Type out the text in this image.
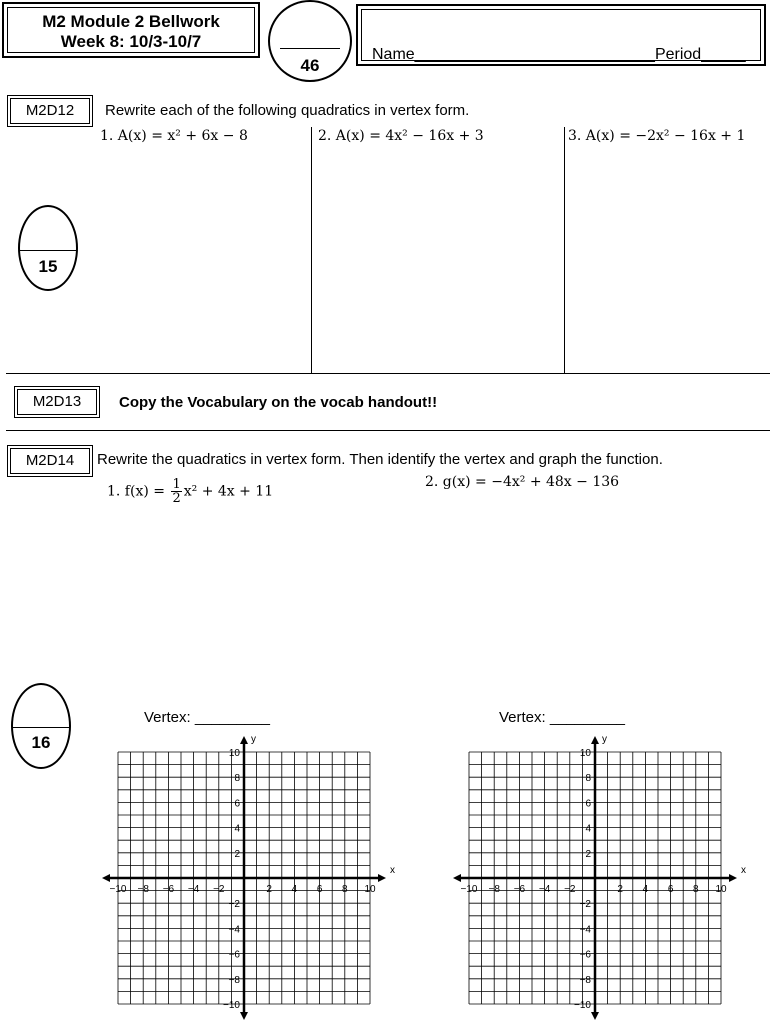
M2 Module 2 Bellwork
Week 8: 10/3-10/7
46
Name___________________________Period_____
M2D12	Rewrite each of the following quadratics in vertex form.
1. A(x) = x² + 6x − 8	2. A(x) = 4x² − 16x + 3	3. A(x) = −2x² − 16x + 1
15
M2D13	Copy the Vocabulary on the vocab handout!!
M2D14	Rewrite the quadratics in vertex form. Then identify the vertex and graph the function.
1. $f(x) = \frac{1}{2} x^2 + 4x + 11$
2. g(x) = −4x² + 48x − 136
16
Vertex: _________	Vertex: _________
x
y
−10 −8 −6 −4 −2	2 4 6 8 10
10
8
6
4
2
−2
−4
−6
−8
−10
x
y
−10 −8 −6 −4 −2	2 4 6 8 10
10
8
6
4
2
−2
−4
−6
−8
−10
